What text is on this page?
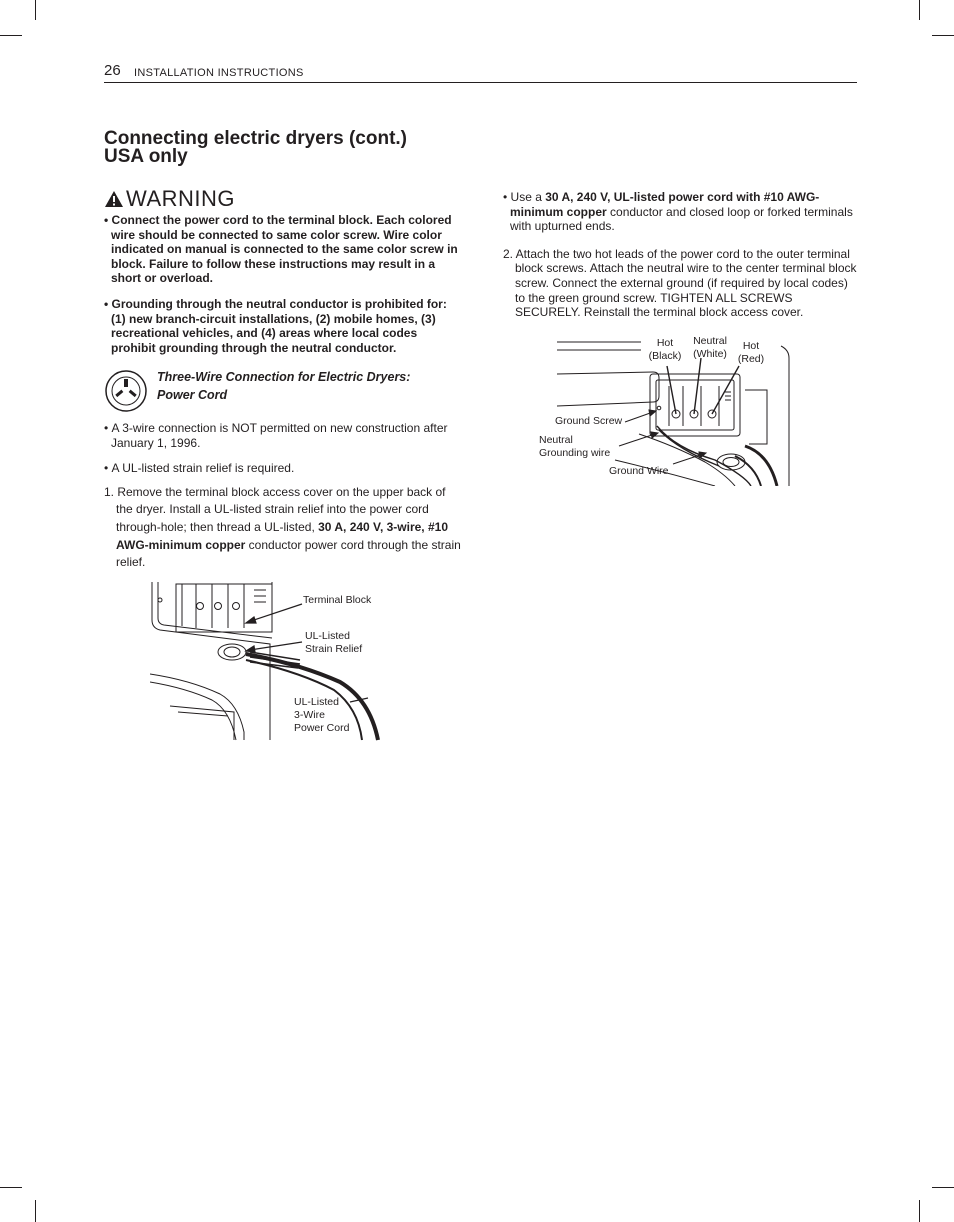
26 INSTALLATION INSTRUCTIONS
Connecting electric dryers (cont.)
USA only
WARNING

• Connect the power cord to the terminal block. Each colored wire should be connected to same color screw. Wire color indicated on manual is connected to the same color screw in block. Failure to follow these instructions may result in a short or overload.

• Grounding through the neutral conductor is prohibited for: (1) new branch-circuit installations, (2) mobile homes, (3) recreational vehicles, and (4) areas where local codes prohibit grounding through the neutral conductor.

Three-Wire Connection for Electric Dryers:
Power Cord

• A 3-wire connection is NOT permitted on new construction after January 1, 1996.

• A UL-listed strain relief is required.

1. Remove the terminal block access cover on the upper back of the dryer. Install a UL-listed strain relief into the power cord through-hole; then thread a UL-listed, 30 A, 240 V, 3-wire, #10 AWG-minimum copper conductor power cord through the strain relief.

Terminal Block
UL-Listed
Strain Relief
UL-Listed
3-Wire
Power Cord

• Use a 30 A, 240 V, UL-listed power cord with #10 AWG-minimum copper conductor and closed loop or forked terminals with upturned ends.

2. Attach the two hot leads of the power cord to the outer terminal block screws. Attach the neutral wire to the center terminal block screw. Connect the external ground (if required by local codes) to the green ground screw. TIGHTEN ALL SCREWS SECURELY. Reinstall the terminal block access cover.

Hot
(Black)
Neutral
(White)
Hot
(Red)
Ground Screw
Neutral
Grounding wire
Ground Wire
